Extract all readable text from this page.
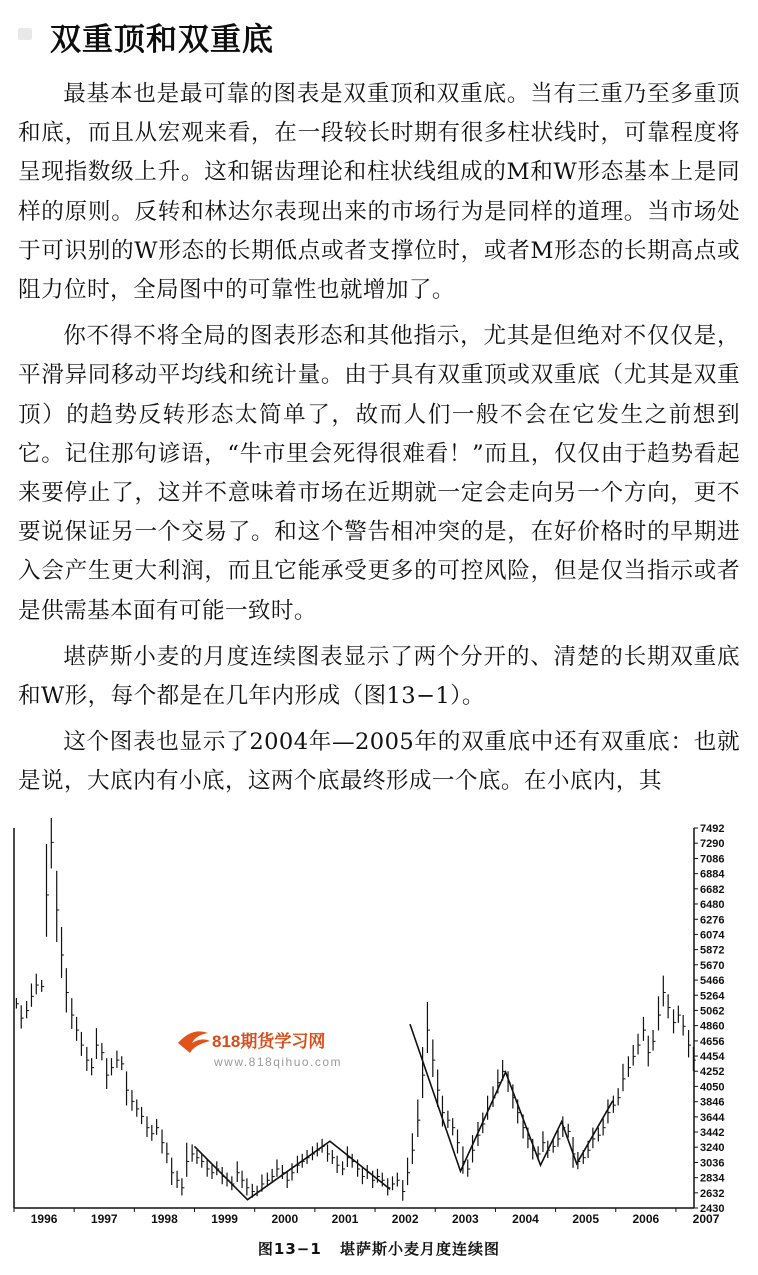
双重顶和双重底

最基本也是最可靠的图表是双重顶和双重底。当有三重乃至多重顶和底，而且从宏观来看，在一段较长时期有很多柱状线时，可靠程度将呈现指数级上升。这和锯齿理论和柱状线组成的M和W形态基本上是同样的原则。反转和林达尔表现出来的市场行为是同样的道理。当市场处于可识别的W形态的长期低点或者支撑位时，或者M形态的长期高点或阻力位时，全局图中的可靠性也就增加了。

你不得不将全局的图表形态和其他指示，尤其是但绝对不仅仅是，平滑异同移动平均线和统计量。由于具有双重顶或双重底（尤其是双重顶）的趋势反转形态太简单了，故而人们一般不会在它发生之前想到它。记住那句谚语，“牛市里会死得很难看！”而且，仅仅由于趋势看起来要停止了，这并不意味着市场在近期就一定会走向另一个方向，更不要说保证另一个交易了。和这个警告相冲突的是，在好价格时的早期进入会产生更大利润，而且它能承受更多的可控风险，但是仅当指示或者是供需基本面有可能一致时。

堪萨斯小麦的月度连续图表显示了两个分开的、清楚的长期双重底和W形，每个都是在几年内形成（图13−1）。

这个图表也显示了2004年—2005年的双重底中还有双重底：也就是说，大底内有小底，这两个底最终形成一个底。在小底内，其

7492
7290
7086
6884
6682
6480
6276
6074
5872
5670
5466
5264
5062
4860
4656
4454
4252
4050
3846
3644
3442
3240
3036
2834
2632
2430
1996	1997	1998	1999	2000	2001	2002	2003	2004	2005	2006	2007
818期货学习网
www.818qihuo.com
图13−1 堪萨斯小麦月度连续图
